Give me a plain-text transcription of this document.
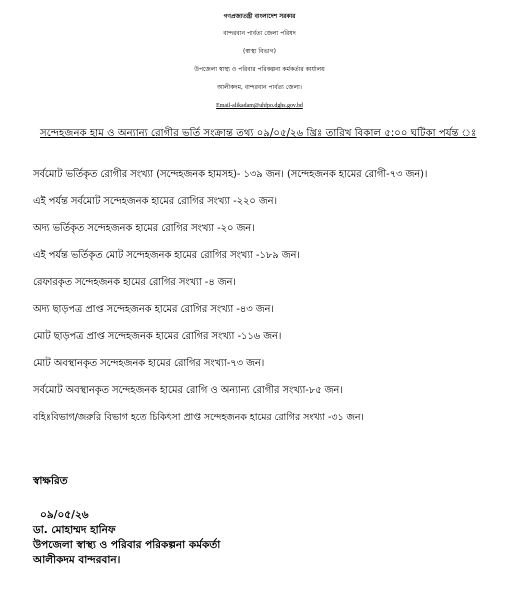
গণপ্রজাতন্ত্রী বাংলাদেশ সরকার
বান্দরবান পার্বত্য জেলা পরিষদ
(স্বাস্থ্য বিভাগ)
উপজেলা স্বাস্থ্য ও পরিবার পরিকল্পনা কর্মকর্তার কার্যালয়
আলীকদম, বান্দরবান পার্বত্য জেলা।
Email-alikadam@uhfpo.dghs.gov.bd
সন্দেহজনক হাম ও অন্যান্য রোগীর ভর্তি সংক্রান্ত তথ্য ০৯/০৫/২৬ খ্রিঃ তারিখ বিকাল ৫:০০ ঘটিকা পর্যন্ত ঃ
সর্বমোট ভর্তিকৃত রোগীর সংখ্যা (সন্দেহজনক হামসহ)- ১৩৯ জন। (সন্দেহজনক হামের রোগী-৭৩ জন)।
এই পর্যন্ত সর্বমোট সন্দেহজনক হামের রোগির সংখ্যা -২২০ জন।
অদ্য ভর্তিকৃত সন্দেহজনক হামের রোগির সংখ্যা -২০ জন।
এই পর্যন্ত ভর্তিকৃত মোট সন্দেহজনক হামের রোগির সংখ্যা -১৮৯ জন।
রেফারকৃত সন্দেহজনক হামের রোগির সংখ্যা -৪ জন।
অদ্য ছাড়পত্র প্রাপ্ত সন্দেহজনক হামের রোগির সংখ্যা -৪৩ জন।
মোট ছাড়পত্র প্রাপ্ত সন্দেহজনক হামের রোগির সংখ্যা -১১৬ জন।
মোট অবস্থানকৃত সন্দেহজনক হামের রোগির সংখ্যা-৭৩ জন।
সর্বমোট অবস্থানকৃত সন্দেহজনক হামের রোগি ও অন্যান্য রোগীর সংখ্যা-৮৫ জন।
বহিঃবিভাগ/জরুরি বিভাগ হতে চিকিৎসা প্রাপ্ত সন্দেহজনক হামের রোগির সংখ্যা -৩১ জন।
স্বাক্ষরিত
০৯/০৫/২৬
ডা. মোহাম্মদ হানিফ
উপজেলা স্বাস্থ্য ও পরিবার পরিকল্পনা কর্মকর্তা
আলীকদম বান্দরবান।
